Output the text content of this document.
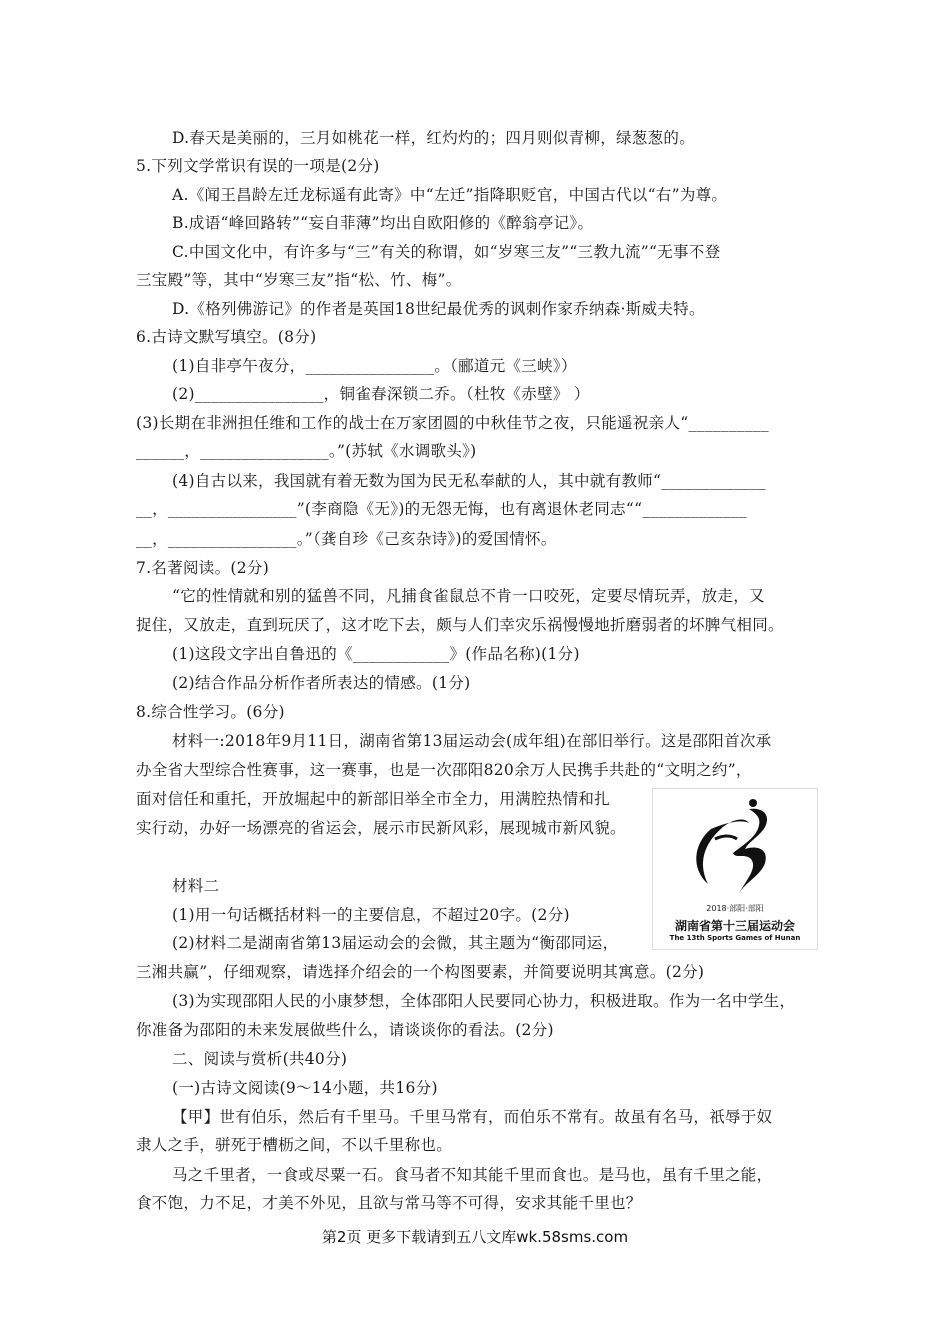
D.春天是美丽的，三月如桃花一样，红灼灼的；四月则似青柳，绿葱葱的。
5.下列文学常识有误的一项是(2分)
A.《闻王昌龄左迁龙标遥有此寄》中“左迁”指降职贬官，中国古代以“右”为尊。
B.成语“峰回路转”“妄自菲薄”均出自欧阳修的《醉翁亭记》。
C.中国文化中，有许多与“三”有关的称谓，如“岁寒三友”“三教九流”“无事不登
三宝殿”等，其中“岁寒三友”指“松、竹、梅”。
D.《格列佛游记》的作者是英国18世纪最优秀的讽刺作家乔纳森·斯威夫特。
6.古诗文默写填空。(8分)
(1)自非亭午夜分，________________。（郦道元《三峡》）
(2)________________，铜雀春深锁二乔。（杜牧《赤壁》 ）
(3)长期在非洲担任维和工作的战士在万家团圆的中秋佳节之夜，只能遥祝亲人“__________
______，________________。”(苏轼《水调歌头》)
(4)自古以来，我国就有着无数为国为民无私奉献的人，其中就有教师“_____________
__，________________”(李商隐《无》)的无怨无悔，也有离退休老同志““_____________
__，________________。”（龚自珍《己亥杂诗》)的爱国情怀。
7.名著阅读。(2分)
“它的性情就和别的猛兽不同，凡捕食雀鼠总不肯一口咬死，定要尽情玩弄，放走，又
捉住，又放走，直到玩厌了，这才吃下去，颇与人们幸灾乐祸慢慢地折磨弱者的坏脾气相同。
(1)这段文字出自鲁迅的《____________》(作品名称)(1分)
(2)结合作品分析作者所表达的情感。(1分)
8.综合性学习。(6分)
材料一:2018年9月11日，湖南省第13届运动会(成年组)在部旧举行。这是邵阳首次承
办全省大型综合性赛事，这一赛事，也是一次邵阳820余万人民携手共赴的“文明之约”，
面对信任和重托，开放堀起中的新部旧举全市全力，用满腔热情和扎
实行动，办好一场漂亮的省运会，展示市民新风彩，展现城市新风貌。
材料二
(1)用一句话概括材料一的主要信息，不超过20字。(2分)
(2)材料二是湖南省第13届运动会的会微，其主题为“衡邵同运，
三湘共赢”，仔细观察，请选择介绍会的一个构图要素，并简要说明其寓意。(2分)
(3)为实现邵阳人民的小康梦想，全体邵阳人民要同心协力，积极进取。作为一名中学生，
你准备为邵阳的未来发展做些什么，请谈谈你的看法。(2分)
二、阅读与赏析(共40分)
(一)古诗文阅读(9～14小题，共16分)
【甲】世有伯乐，然后有千里马。千里马常有，而伯乐不常有。故虽有名马，祇辱于奴
隶人之手，骈死于槽枥之间，不以千里称也。
马之千里者，一食或尽粟一石。食马者不知其能千里而食也。是马也，虽有千里之能，
食不饱，力不足，才美不外见，且欲与常马等不可得，安求其能千里也？
2018·部阳·部阳
湖南省第十三届运动会
The 13th Sports Games of Hunan
第2页 更多下载请到五八文库wk.58sms.com
